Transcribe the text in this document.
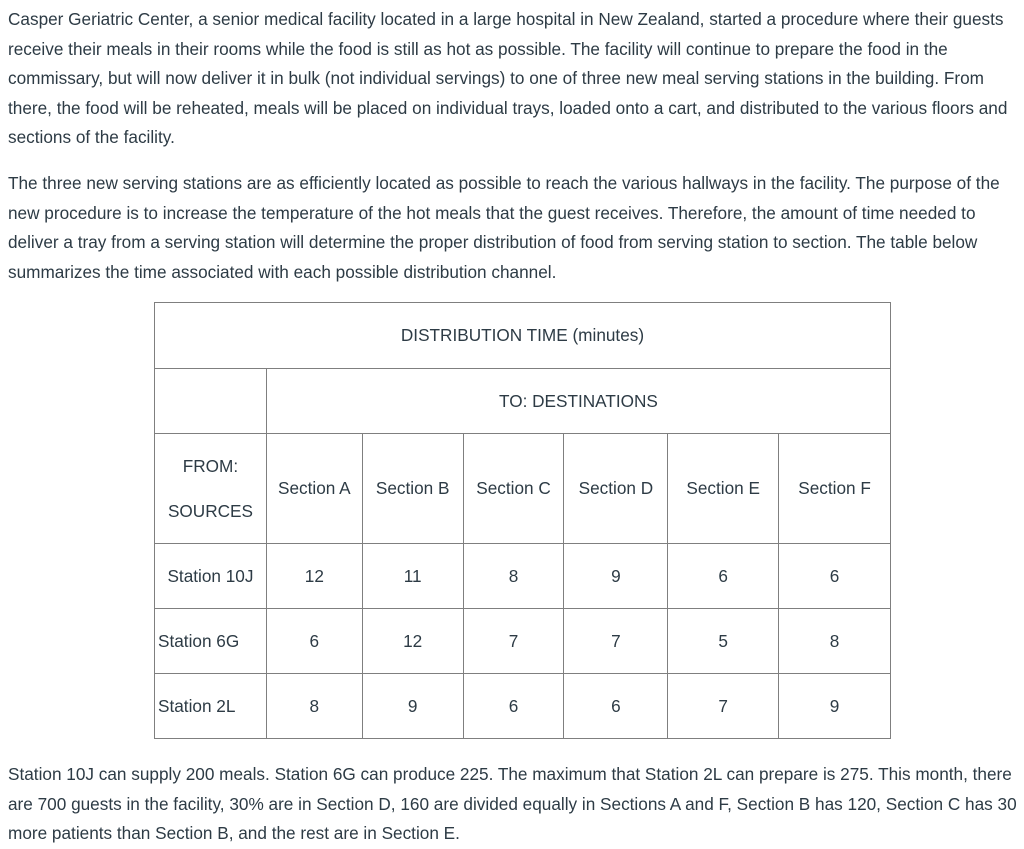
Casper Geriatric Center, a senior medical facility located in a large hospital in New Zealand, started a procedure where their guests receive their meals in their rooms while the food is still as hot as possible. The facility will continue to prepare the food in the commissary, but will now deliver it in bulk (not individual servings) to one of three new meal serving stations in the building. From there, the food will be reheated, meals will be placed on individual trays, loaded onto a cart, and distributed to the various floors and sections of the facility.

The three new serving stations are as efficiently located as possible to reach the various hallways in the facility. The purpose of the new procedure is to increase the temperature of the hot meals that the guest receives. Therefore, the amount of time needed to deliver a tray from a serving station will determine the proper distribution of food from serving station to section. The table below summarizes the time associated with each possible distribution channel.

DISTRIBUTION TIME (minutes)						
	TO: DESTINATIONS					

FROM:
SOURCES	Section A	Section B	Section C	Section D	Section E	Section F
Station 10J	12	11	8	9	6	6
Station 6G	6	12	7	7	5	8
Station 2L	8	9	6	6	7	9

Station 10J can supply 200 meals. Station 6G can produce 225. The maximum that Station 2L can prepare is 275. This month, there are 700 guests in the facility, 30% are in Section D, 160 are divided equally in Sections A and F, Section B has 120, Section C has 30 more patients than Section B, and the rest are in Section E.
